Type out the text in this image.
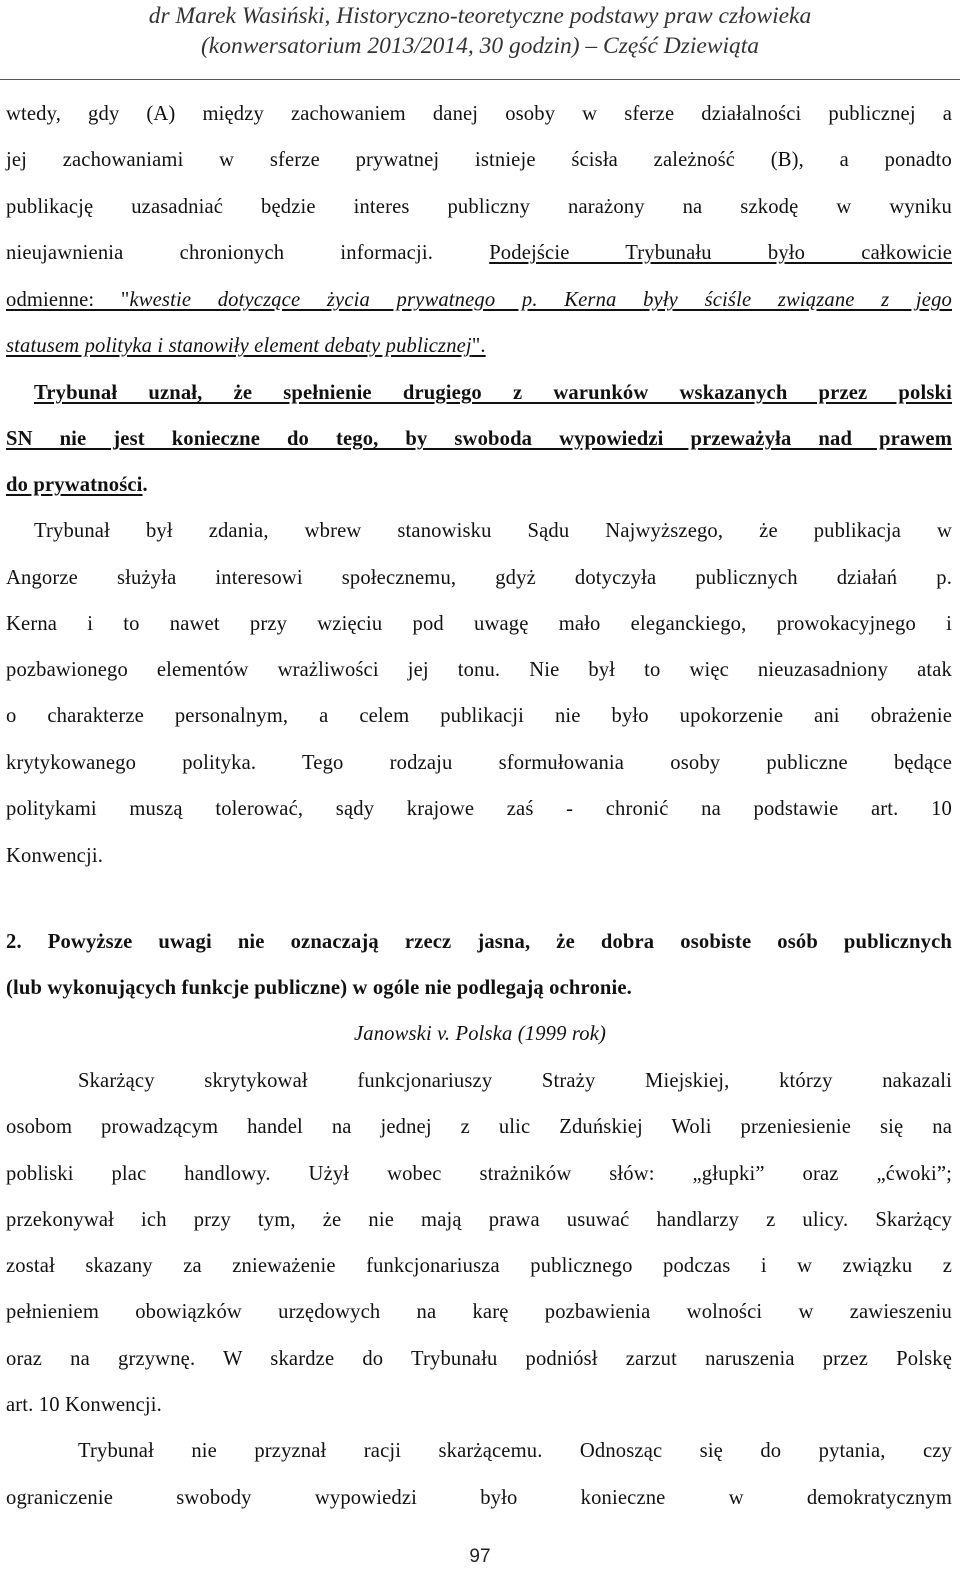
dr Marek Wasiński, Historyczno-teoretyczne podstawy praw człowieka
(konwersatorium 2013/2014, 30 godzin) – Część Dziewiąta
wtedy, gdy (A) między zachowaniem danej osoby w sferze działalności publicznej a
jej zachowaniami w sferze prywatnej istnieje ścisła zależność (B), a ponadto
publikację uzasadniać będzie interes publiczny narażony na szkodę w wyniku
nieujawnienia chronionych informacji. Podejście Trybunału było całkowicie
odmienne: "kwestie dotyczące życia prywatnego p. Kerna były ściśle związane z jego
statusem polityka i stanowiły element debaty publicznej".
Trybunał uznał, że spełnienie drugiego z warunków wskazanych przez polski
SN nie jest konieczne do tego, by swoboda wypowiedzi przeważyła nad prawem
do prywatności.
Trybunał był zdania, wbrew stanowisku Sądu Najwyższego, że publikacja w
Angorze służyła interesowi społecznemu, gdyż dotyczyła publicznych działań p.
Kerna i to nawet przy wzięciu pod uwagę mało eleganckiego, prowokacyjnego i
pozbawionego elementów wrażliwości jej tonu. Nie był to więc nieuzasadniony atak
o charakterze personalnym, a celem publikacji nie było upokorzenie ani obrażenie
krytykowanego polityka. Tego rodzaju sformułowania osoby publiczne będące
politykami muszą tolerować, sądy krajowe zaś - chronić na podstawie art. 10
Konwencji.
2. Powyższe uwagi nie oznaczają rzecz jasna, że dobra osobiste osób publicznych
(lub wykonujących funkcje publiczne) w ogóle nie podlegają ochronie.
Janowski v. Polska (1999 rok)
Skarżący skrytykował funkcjonariuszy Straży Miejskiej, którzy nakazali
osobom prowadzącym handel na jednej z ulic Zduńskiej Woli przeniesienie się na
pobliski plac handlowy. Użył wobec strażników słów: „głupki” oraz „ćwoki”;
przekonywał ich przy tym, że nie mają prawa usuwać handlarzy z ulicy. Skarżący
został skazany za znieważenie funkcjonariusza publicznego podczas i w związku z
pełnieniem obowiązków urzędowych na karę pozbawienia wolności w zawieszeniu
oraz na grzywnę. W skardze do Trybunału podniósł zarzut naruszenia przez Polskę
art. 10 Konwencji.
Trybunał nie przyznał racji skarżącemu. Odnosząc się do pytania, czy
ograniczenie swobody wypowiedzi było konieczne w demokratycznym
97
